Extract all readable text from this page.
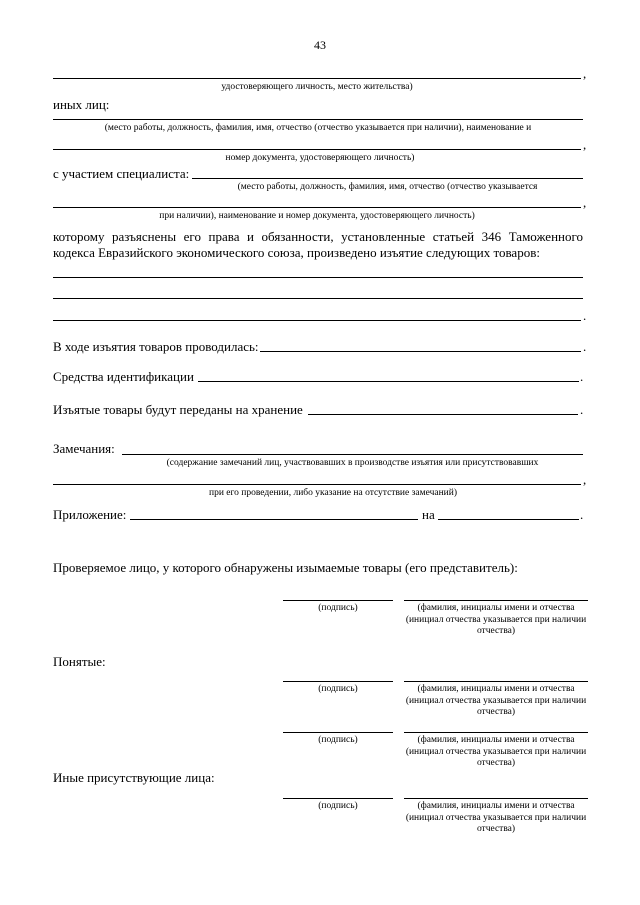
43
,
удостоверяющего личность, место жительства)
иных лиц:
(место работы, должность, фамилия, имя, отчество (отчество указывается при наличии), наименование и
,
номер документа, удостоверяющего личность)
с участием специалиста:
(место работы, должность, фамилия, имя, отчество (отчество указывается
,
при наличии), наименование и номер документа, удостоверяющего личность)
которому разъяснены его права и обязанности, установленные статьей 346 Таможенного кодекса Евразийского экономического союза, произведено изъятие следующих товаров:
.
В ходе изъятия товаров проводилась:	.
Средства идентификации	.
Изъятые товары будут переданы на хранение	.
Замечания:
(содержание замечаний лиц, участвовавших в производстве изъятия или присутствовавших
,
при его проведении, либо указание на отсутствие замечаний)
Приложение:	на	.
Проверяемое лицо, у которого обнаружены изымаемые товары (его представитель):
(подпись)	(фамилия, инициалы имени и отчества (инициал отчества указывается при наличии отчества)
Понятые:
(подпись)	(фамилия, инициалы имени и отчества (инициал отчества указывается при наличии отчества)
(подпись)	(фамилия, инициалы имени и отчества (инициал отчества указывается при наличии отчества)
Иные присутствующие лица:
(подпись)	(фамилия, инициалы имени и отчества (инициал отчества указывается при наличии отчества)
